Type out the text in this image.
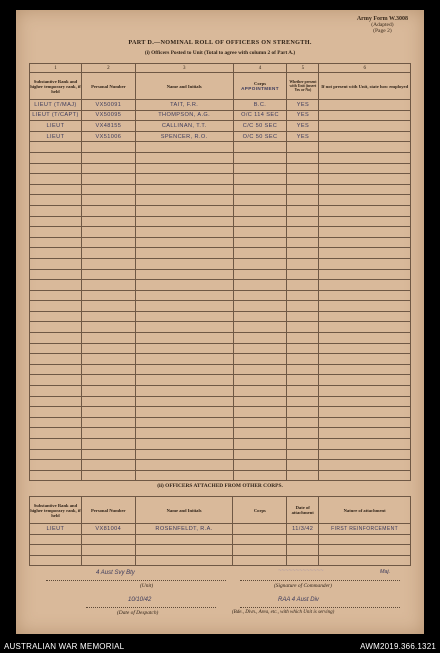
Army Form W.3008
(Adapted)
(Page 2)
PART D.—NOMINAL ROLL OF OFFICERS ON STRENGTH.
(i) Officers Posted to Unit (Total to agree with column 2 of Part A.)
1	2	3	4	5	6
Substantive Rank and higher temporary rank, if held	Personal Number	Name and Initials	Corps
APPOINTMENT	Whether present with Unit (insert Yes or No)	If not present with Unit, state how employed
LIEUT (T/MAJ)	VX50091	TAIT, F.R.	B.C.	YES	
LIEUT (T/CAPT)	VX50095	THOMPSON, A.G.	O/C 114 SEC	YES	
LIEUT	VX48155	CALLINAN, T.T.	C/C 50 SEC	YES	
LIEUT	VX51006	SPENCER, R.O.	O/C 50 SEC	YES	

(ii) OFFICERS ATTACHED FROM OTHER CORPS.
Substantive Rank and higher temporary rank, if held	Personal Number	Name and Initials	Corps	Date of attachment	Nature of attachment
LIEUT	VX81004	ROSENFELDT, R.A.		11/3/42	FIRST REINFORCEMENT

4 Aust Svy Bty
(Unit)
~~~~~~~~~~~~~	Maj.
(Signature of Commander)
10/10/42
(Date of Despatch)
RAA 4 Aust Div
(Bde., Divn., Area, etc., with which Unit is serving)
AUSTRALIAN WAR MEMORIAL	AWM2019.366.1321
